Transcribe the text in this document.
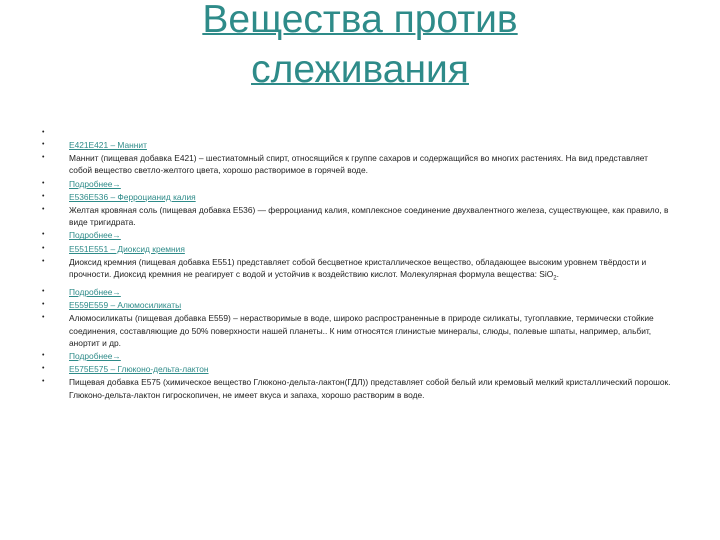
Вещества против
слеживания
•
• E421E421 – Маннит
• Маннит (пищевая добавка E421) – шестиатомный спирт, относящийся к группе сахаров и содержащийся во многих растениях. На вид представляет собой вещество светло-желтого цвета, хорошо растворимое в горячей воде.
• Подробнее→
• E536E536 – Ферроцианид калия
• Желтая кровяная соль (пищевая добавка E536) — ферроцианид калия, комплексное соединение двухвалентного железа, существующее, как правило, в виде тригидрата.
• Подробнее→
• E551E551 – Диоксид кремния
• Диоксид кремния (пищевая добавка E551) представляет собой бесцветное кристаллическое вещество, обладающее высоким уровнем твёрдости и прочности. Диоксид кремния не реагирует с водой и устойчив к воздействию кислот. Молекулярная формула вещества: SiO$_2$.
• Подробнее→
• E559E559 – Алюмосиликаты
• Алюмосиликаты (пищевая добавка E559) – нерастворимые в воде, широко распространенные в природе силикаты, тугоплавкие, термически стойкие соединения, составляющие до 50% поверхности нашей планеты.. К ним относятся глинистые минералы, слюды, полевые шпаты, например, альбит, анортит и др.
• Подробнее→
• E575E575 – Глюконо-дельта-лактон
• Пищевая добавка E575 (химическое вещество Глюконо-дельта-лактон(ГДЛ)) представляет собой белый или кремовый мелкий кристаллический порошок. Глюконо-дельта-лактон гигроскопичен, не имеет вкуса и запаха, хорошо растворим в воде.
